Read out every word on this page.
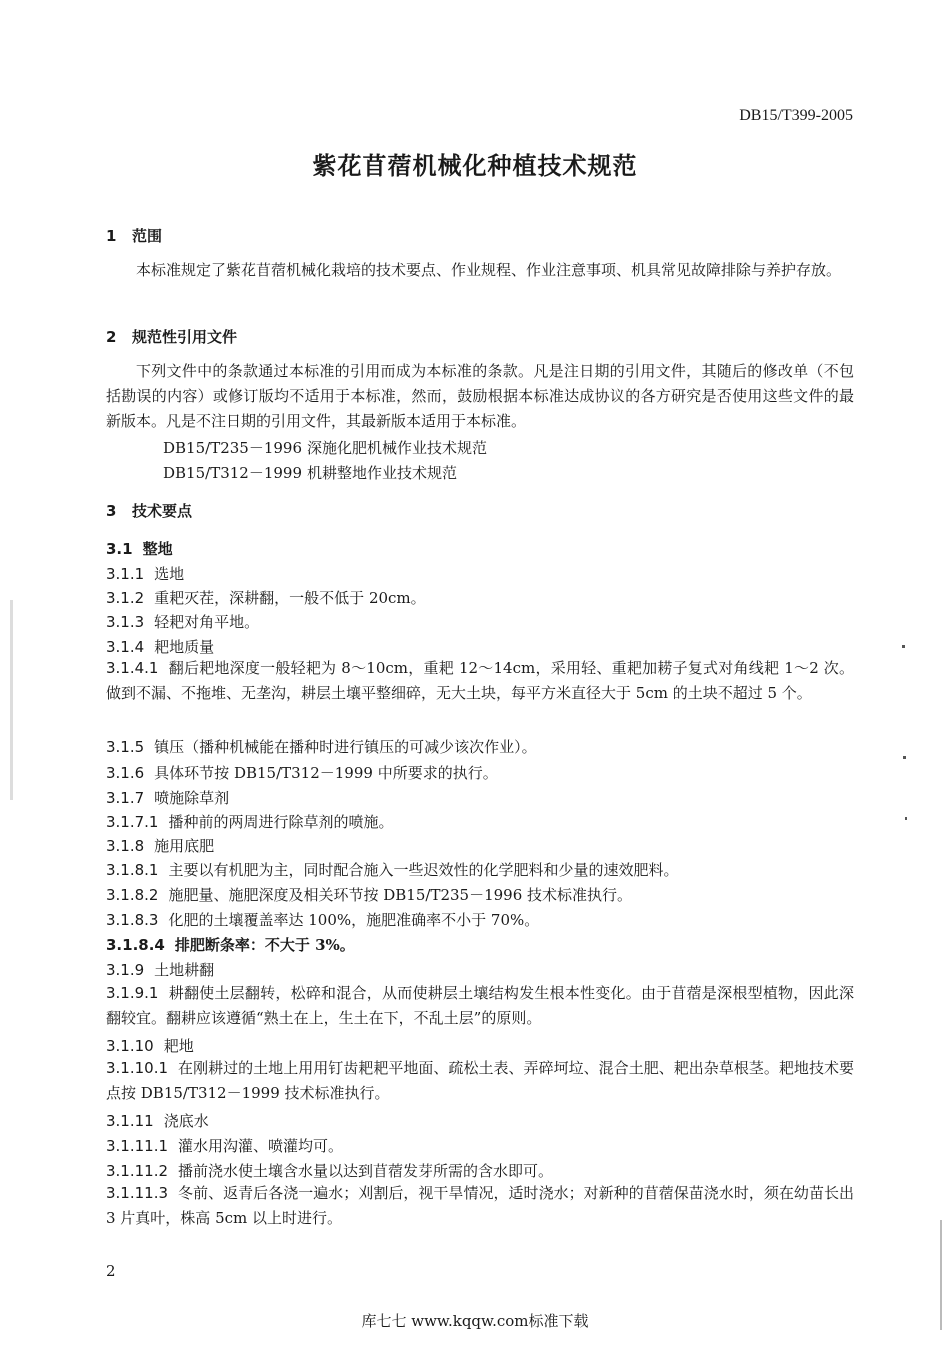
DB15/T399-2005
紫花苜蓿机械化种植技术规范
1 范围
本标准规定了紫花苜蓿机械化栽培的技术要点、作业规程、作业注意事项、机具常见故障排除与养护存放。
2 规范性引用文件
下列文件中的条款通过本标准的引用而成为本标准的条款。凡是注日期的引用文件，其随后的修改单（不包括勘误的内容）或修订版均不适用于本标准，然而，鼓励根据本标准达成协议的各方研究是否使用这些文件的最新版本。凡是不注日期的引用文件，其最新版本适用于本标准。
DB15/T235－1996 深施化肥机械作业技术规范
DB15/T312－1999 机耕整地作业技术规范
3 技术要点
3.1 整地
3.1.1 选地
3.1.2 重耙灭茬，深耕翻，一般不低于 20cm。
3.1.3 轻耙对角平地。
3.1.4 耙地质量
3.1.4.1 翻后耙地深度一般轻耙为 8～10cm，重耙 12～14cm，采用轻、重耙加耢子复式对角线耙 1～2 次。做到不漏、不拖堆、无垄沟，耕层土壤平整细碎，无大土块，每平方米直径大于 5cm 的土块不超过 5 个。
3.1.5 镇压（播种机械能在播种时进行镇压的可减少该次作业）。
3.1.6 具体环节按 DB15/T312－1999 中所要求的执行。
3.1.7 喷施除草剂
3.1.7.1 播种前的两周进行除草剂的喷施。
3.1.8 施用底肥
3.1.8.1 主要以有机肥为主，同时配合施入一些迟效性的化学肥料和少量的速效肥料。
3.1.8.2 施肥量、施肥深度及相关环节按 DB15/T235－1996 技术标准执行。
3.1.8.3 化肥的土壤覆盖率达 100%，施肥准确率不小于 70%。
3.1.8.4 排肥断条率：不大于 3%。
3.1.9 土地耕翻
3.1.9.1 耕翻使土层翻转，松碎和混合，从而使耕层土壤结构发生根本性变化。由于苜蓿是深根型植物，因此深翻较宜。翻耕应该遵循“熟土在上，生土在下，不乱土层”的原则。
3.1.10 耙地
3.1.10.1 在刚耕过的土地上用用钉齿耙耙平地面、疏松土表、弄碎坷垃、混合土肥、耙出杂草根茎。耙地技术要点按 DB15/T312－1999 技术标准执行。
3.1.11 浇底水
3.1.11.1 灌水用沟灌、喷灌均可。
3.1.11.2 播前浇水使土壤含水量以达到苜蓿发芽所需的含水即可。
3.1.11.3 冬前、返青后各浇一遍水；刈割后，视干旱情况，适时浇水；对新种的苜蓿保苗浇水时，须在幼苗长出 3 片真叶，株高 5cm 以上时进行。
2
库七七 www.kqqw.com标准下载
